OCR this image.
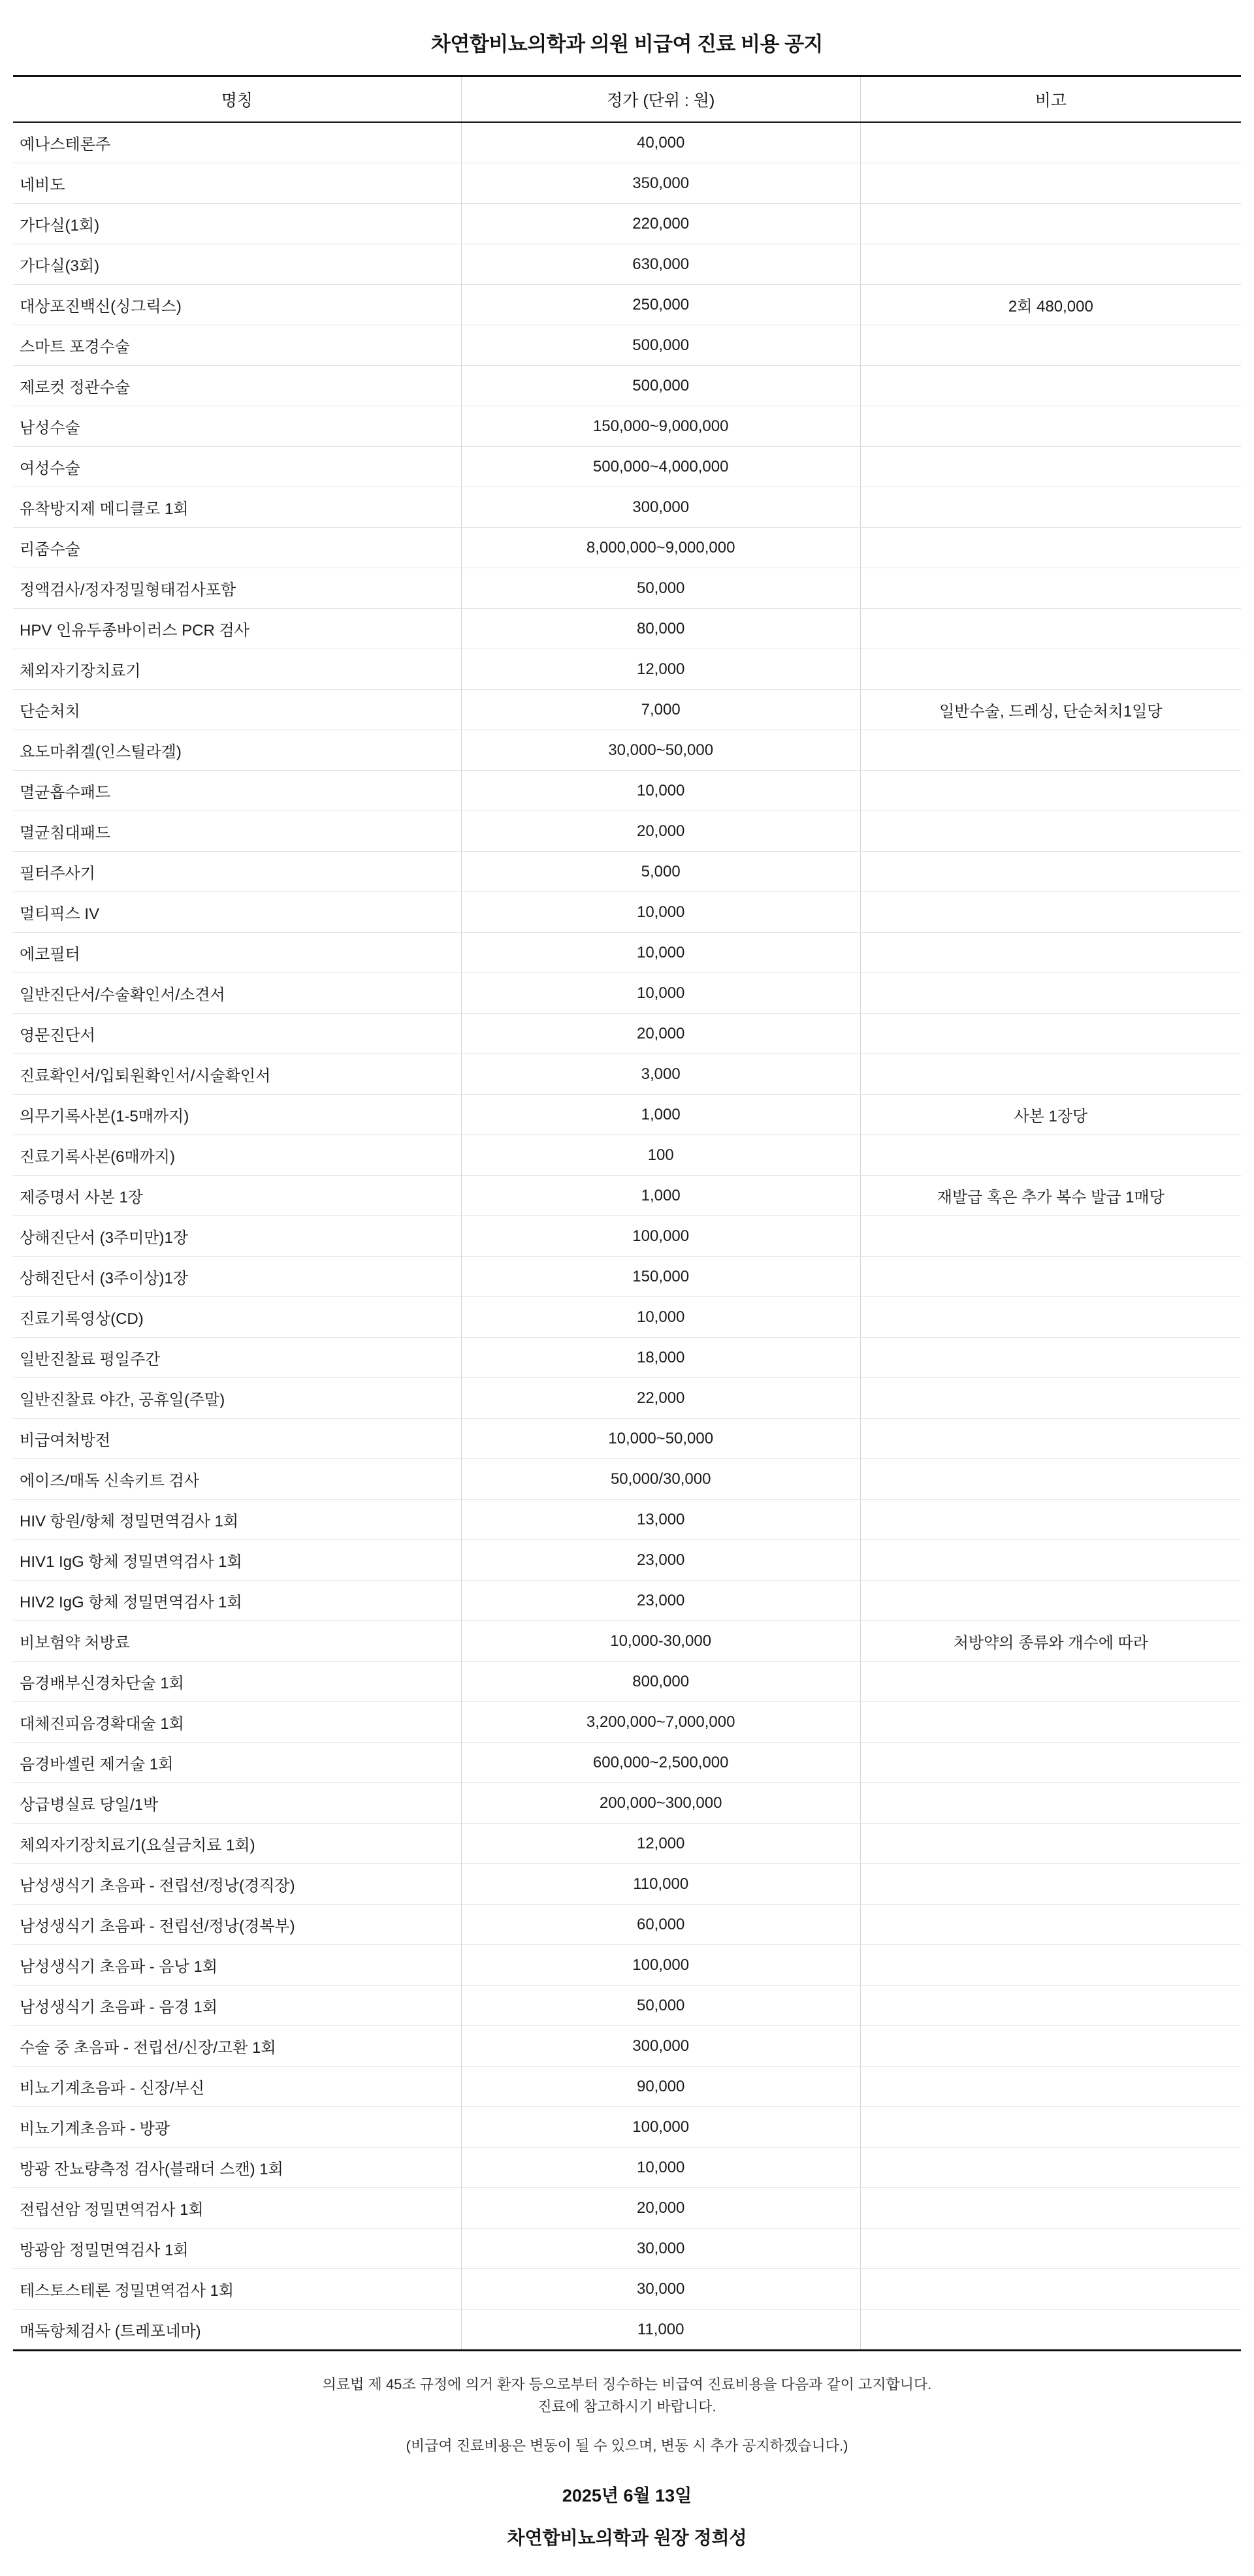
차연합비뇨의학과 의원 비급여 진료 비용 공지
명칭	정가 (단위 : 원)	비고
예나스테론주	40,000	
네비도	350,000	
가다실(1회)	220,000	
가다실(3회)	630,000	
대상포진백신(싱그릭스)	250,000	2회 480,000
스마트 포경수술	500,000	
제로컷 정관수술	500,000	
남성수술	150,000~9,000,000	
여성수술	500,000~4,000,000	
유착방지제 메디클로 1회	300,000	
리줌수술	8,000,000~9,000,000	
정액검사/정자정밀형태검사포함	50,000	
HPV 인유두종바이러스 PCR 검사	80,000	
체외자기장치료기	12,000	
단순처치	7,000	일반수술, 드레싱, 단순처치1일당
요도마취겔(인스틸라겔)	30,000~50,000	
멸균흡수패드	10,000	
멸균침대패드	20,000	
필터주사기	5,000	
멀티픽스 IV	10,000	
에코필터	10,000	
일반진단서/수술확인서/소견서	10,000	
영문진단서	20,000	
진료확인서/입퇴원확인서/시술확인서	3,000	
의무기록사본(1-5매까지)	1,000	사본 1장당
진료기록사본(6매까지)	100	
제증명서 사본 1장	1,000	재발급 혹은 추가 복수 발급 1매당
상해진단서 (3주미만)1장	100,000	
상해진단서 (3주이상)1장	150,000	
진료기록영상(CD)	10,000	
일반진찰료 평일주간	18,000	
일반진찰료 야간, 공휴일(주말)	22,000	
비급여처방전	10,000~50,000	
에이즈/매독 신속키트 검사	50,000/30,000	
HIV 항원/항체 정밀면역검사 1회	13,000	
HIV1 IgG 항체 정밀면역검사 1회	23,000	
HIV2 IgG 항체 정밀면역검사 1회	23,000	
비보험약 처방료	10,000-30,000	처방약의 종류와 개수에 따라
음경배부신경차단술 1회	800,000	
대체진피음경확대술 1회	3,200,000~7,000,000	
음경바셀린 제거술 1회	600,000~2,500,000	
상급병실료 당일/1박	200,000~300,000	
체외자기장치료기(요실금치료 1회)	12,000	
남성생식기 초음파 - 전립선/정낭(경직장)	110,000	
남성생식기 초음파 - 전립선/정낭(경복부)	60,000	
남성생식기 초음파 - 음낭 1회	100,000	
남성생식기 초음파 - 음경 1회	50,000	
수술 중 초음파 - 전립선/신장/고환 1회	300,000	
비뇨기계초음파 - 신장/부신	90,000	
비뇨기계초음파 - 방광	100,000	
방광 잔뇨량측정 검사(블래더 스캔) 1회	10,000	
전립선암 정밀면역검사 1회	20,000	
방광암 정밀면역검사 1회	30,000	
테스토스테론 정밀면역검사 1회	30,000	
매독항체검사 (트레포네마)	11,000	
의료법 제 45조 규정에 의거 환자 등으로부터 징수하는 비급여 진료비용을 다음과 같이 고지합니다.
진료에 참고하시기 바랍니다.
(비급여 진료비용은 변동이 될 수 있으며, 변동 시 추가 공지하겠습니다.)
2025년 6월 13일
차연합비뇨의학과 원장 정희성
